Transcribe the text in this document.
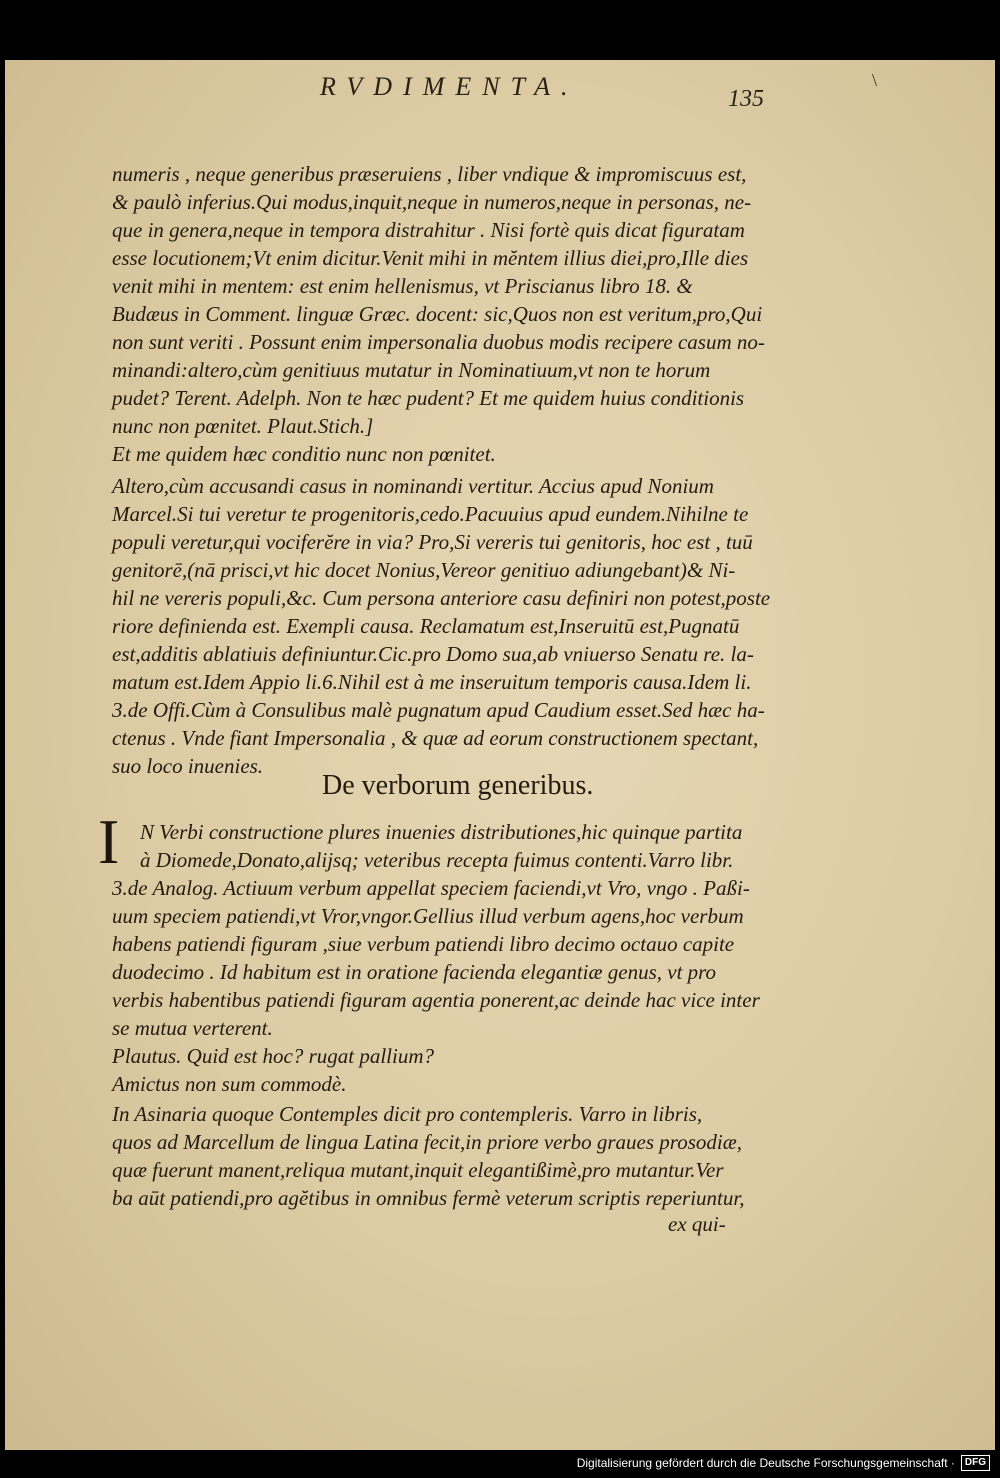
RVDIMENTA.	135
\
numeris , neque generibus præseruiens , liber vndique & impromiscuus est,
& paulò inferius.Qui modus,inquit,neque in numeros,neque in personas, ne-
que in genera,neque in tempora distrahitur . Nisi fortè quis dicat figuratam
esse locutionem;Vt enim dicitur.Venit mihi in mĕntem illius diei,pro,Ille dies
venit mihi in mentem: est enim hellenismus, vt Priscianus libro 18. &
Budæus in Comment. linguæ Græc. docent: sic,Quos non est veritum,pro,Qui
non sunt veriti . Possunt enim impersonalia duobus modis recipere casum no-
minandi:altero,cùm genitiuus mutatur in Nominatiuum,vt non te horum
pudet? Terent. Adelph. Non te hæc pudent? Et me quidem huius conditionis
nunc non pœnitet. Plaut.Stich.]
Et me quidem hæc conditio nunc non pœnitet.
Altero,cùm accusandi casus in nominandi vertitur. Accius apud Nonium
Marcel.Si tui veretur te progenitoris,cedo.Pacuuius apud eundem.Nihilne te
populi veretur,qui vociferĕre in via? Pro,Si vereris tui genitoris, hoc est , tuū
genitorē,(nā prisci,vt hic docet Nonius,Vereor genitiuo adiungebant)& Ni-
hil ne vereris populi,&c. Cum persona anteriore casu definiri non potest,poste
riore definienda est. Exempli causa. Reclamatum est,Inseruitū est,Pugnatū
est,additis ablatiuis definiuntur.Cic.pro Domo sua,ab vniuerso Senatu re. la-
matum est.Idem Appio li.6.Nihil est à me inseruitum temporis causa.Idem li.
3.de Offi.Cùm à Consulibus malè pugnatum apud Caudium esset.Sed hæc ha-
ctenus . Vnde fiant Impersonalia , & quæ ad eorum constructionem spectant,
suo loco inuenies.
De verborum generibus.
I N Verbi constructione plures inuenies distributiones,hic quinque partita
à Diomede,Donato,alijsq; veteribus recepta fuimus contenti.Varro libr.
3.de Analog. Actiuum verbum appellat speciem faciendi,vt Vro, vngo . Paßi-
uum speciem patiendi,vt Vror,vngor.Gellius illud verbum agens,hoc verbum
habens patiendi figuram ,siue verbum patiendi libro decimo octauo capite
duodecimo . Id habitum est in oratione facienda elegantiæ genus, vt pro
verbis habentibus patiendi figuram agentia ponerent,ac deinde hac vice inter
se mutua verterent.
Plautus. Quid est hoc? rugat pallium?
Amictus non sum commodè.
In Asinaria quoque Contemples dicit pro contempleris. Varro in libris,
quos ad Marcellum de lingua Latina fecit,in priore verbo graues prosodiæ,
quæ fuerunt manent,reliqua mutant,inquit elegantißimè,pro mutantur.Ver
ba aūt patiendi,pro agĕtibus in omnibus fermè veterum scriptis reperiuntur,
ex qui-
Digitalisierung gefördert durch die Deutsche Forschungsgemeinschaft ·	DFG
